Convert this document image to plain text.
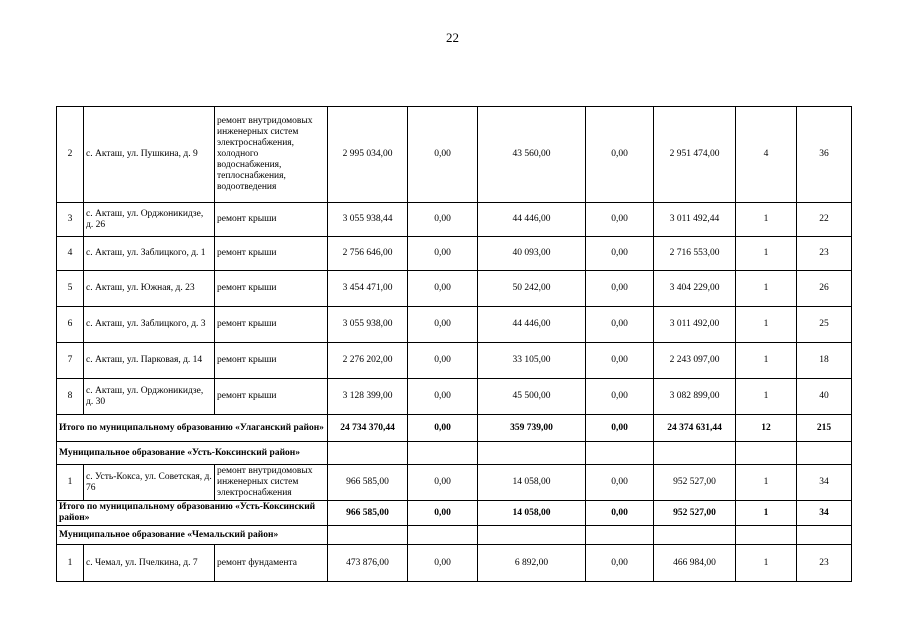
22
2	с. Акташ, ул. Пушкина, д. 9	ремонт внутридомовых инженерных систем электроснабжения, холодного водоснабжения, теплоснабжения, водоотведения	2 995 034,00	0,00	43 560,00	0,00	2 951 474,00	4	36
3	с. Акташ, ул. Орджоникидзе, д. 26	ремонт крыши	3 055 938,44	0,00	44 446,00	0,00	3 011 492,44	1	22
4	с. Акташ, ул. Заблицкого, д. 1	ремонт крыши	2 756 646,00	0,00	40 093,00	0,00	2 716 553,00	1	23
5	с. Акташ, ул. Южная, д. 23	ремонт крыши	3 454 471,00	0,00	50 242,00	0,00	3 404 229,00	1	26
6	с. Акташ, ул. Заблицкого, д. 3	ремонт крыши	3 055 938,00	0,00	44 446,00	0,00	3 011 492,00	1	25
7	с. Акташ, ул. Парковая, д. 14	ремонт крыши	2 276 202,00	0,00	33 105,00	0,00	2 243 097,00	1	18
8	с. Акташ, ул. Орджоникидзе, д. 30	ремонт крыши	3 128 399,00	0,00	45 500,00	0,00	3 082 899,00	1	40
Итого по муниципальному образованию «Улаганский район»			24 734 370,44	0,00	359 739,00	0,00	24 374 631,44	12	215
Муниципальное образование «Усть-Коксинский район»									
1	с. Усть-Кокса, ул. Советская, д. 76	ремонт внутридомовых инженерных систем электроснабжения	966 585,00	0,00	14 058,00	0,00	952 527,00	1	34
Итого по муниципальному образованию «Усть-Коксинский район»			966 585,00	0,00	14 058,00	0,00	952 527,00	1	34
Муниципальное образование «Чемальский район»									
1	с. Чемал, ул. Пчелкина, д. 7	ремонт фундамента	473 876,00	0,00	6 892,00	0,00	466 984,00	1	23
